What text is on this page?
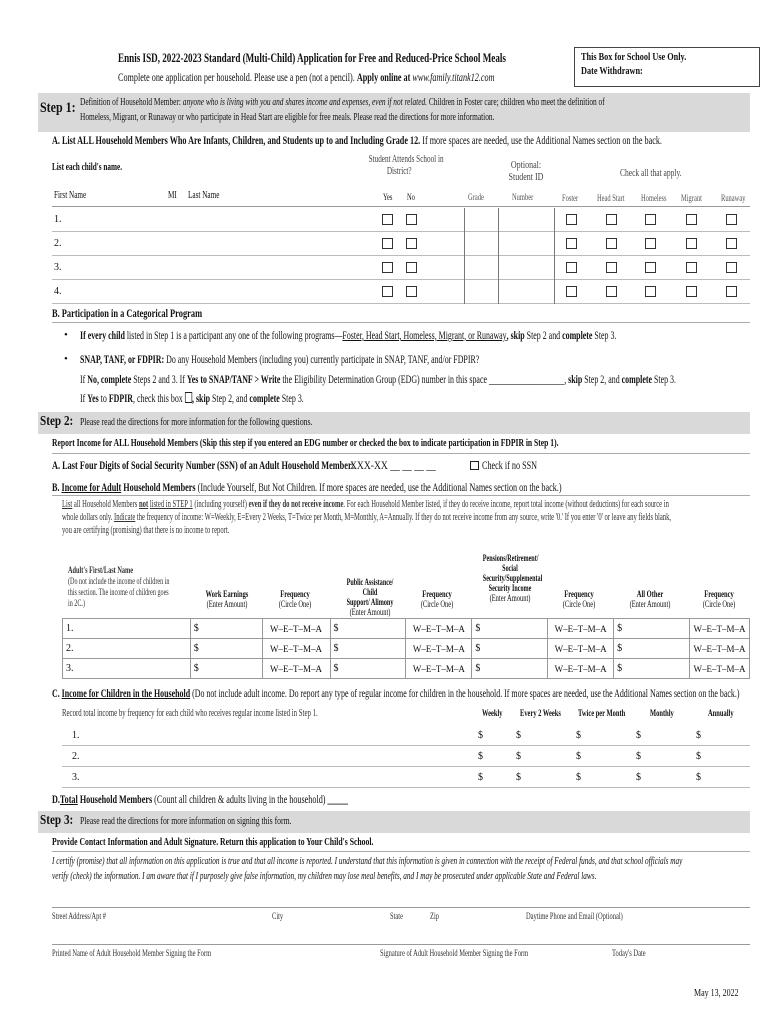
Ennis ISD, 2022-2023 Standard (Multi-Child) Application for Free and Reduced-Price School Meals
Complete one application per household. Please use a pen (not a pencil). Apply online at www.family.titank12.com
This Box for School Use Only.
Date Withdrawn:
Step 1: Definition of Household Member: anyone who is living with you and shares income and expenses, even if not related. Children in Foster care; children who meet the definition of
Homeless, Migrant, or Runaway or who participate in Head Start are eligible for free meals. Please read the directions for more information.
A. List ALL Household Members Who Are Infants, Children, and Students up to and Including Grade 12. If more spaces are needed, use the Additional Names section on the back.
List each child's name.
Student Attends School in
District?
Optional:
Student ID	Check all that apply.
First Name	MI	Last Name	Yes	No	Grade	Number	Foster	Head Start	Homeless	Migrant	Runaway
1.
2.
3.
4.
B. Participation in a Categorical Program
• If every child listed in Step 1 is a participant any one of the following programs—Foster, Head Start, Homeless, Migrant, or Runaway, skip Step 2 and complete Step 3.
• SNAP, TANF, or FDPIR: Do any Household Members (including you) currently participate in SNAP, TANF, and/or FDPIR?
If No, complete Steps 2 and 3. If Yes to SNAP/TANF > Write the Eligibility Determination Group (EDG) number in this space ___________________, skip Step 2, and complete Step 3.
If Yes to FDPIR, check this box , skip Step 2, and complete Step 3.
Step 2: Please read the directions for more information for the following questions.
Report Income for ALL Household Members (Skip this step if you entered an EDG number or checked the box to indicate participation in FDPIR in Step 1).
A. Last Four Digits of Social Security Number (SSN) of an Adult Household Member:
XXX-XX __ __ __ __	Check if no SSN
B. Income for Adult Household Members (Include Yourself, But Not Children. If more spaces are needed, use the Additional Names section on the back.)
List all Household Members not listed in STEP 1 (including yourself) even if they do not receive income. For each Household Member listed, if they do receive income, report total income (without deductions) for each source in
whole dollars only. Indicate the frequency of income: W=Weekly, E=Every 2 Weeks, T=Twice per Month, M=Monthly, A=Annually. If they do not receive income from any source, write '0.' If you enter '0' or leave any fields blank,
you are certifying (promising) that there is no income to report.
Adult's First/Last Name
(Do not include the income of children in
this section. The income of children goes
in 2C.)
Work Earnings
(Enter Amount)
Frequency
(Circle One)
Public Assistance/ Child
Support/ Alimony
(Enter Amount)
Frequency
(Circle One)
Pensions/Retirement/
Social
Security/Supplemental
Security Income
(Enter Amount)	Frequency
(Circle One)
All Other
(Enter Amount)
Frequency
(Circle One)
1.	$	W–E–T–M–A	$	W–E–T–M–A	$	W–E–T–M–A	$	W–E–T–M–A
2.	$	W–E–T–M–A	$	W–E–T–M–A	$	W–E–T–M–A	$	W–E–T–M–A
3.	$	W–E–T–M–A	$	W–E–T–M–A	$	W–E–T–M–A	$	W–E–T–M–A
C. Income for Children in the Household (Do not include adult income. Do report any type of regular income for children in the household. If more spaces are needed, use the Additional Names section on the back.)
Record total income by frequency for each child who receives regular income listed in Step 1.	Weekly	Every 2 Weeks	Twice per Month	Monthly	Annually
1.	$	$	$	$	$
2.	$	$	$	$	$
3.	$	$	$	$	$
D.Total Household Members (Count all children & adults living in the household) _____
Step 3: Please read the directions for more information on signing this form.
Provide Contact Information and Adult Signature. Return this application to Your Child's School.
I certify (promise) that all information on this application is true and that all income is reported. I understand that this information is given in connection with the receipt of Federal funds, and that school officials may
verify (check) the information. I am aware that if I purposely give false information, my children may lose meal benefits, and I may be prosecuted under applicable State and Federal laws.
Street Address/Apt #	City	State	Zip	Daytime Phone and Email (Optional)
Printed Name of Adult Household Member Signing the Form	Signature of Adult Household Member Signing the Form	Today's Date
May 13, 2022
